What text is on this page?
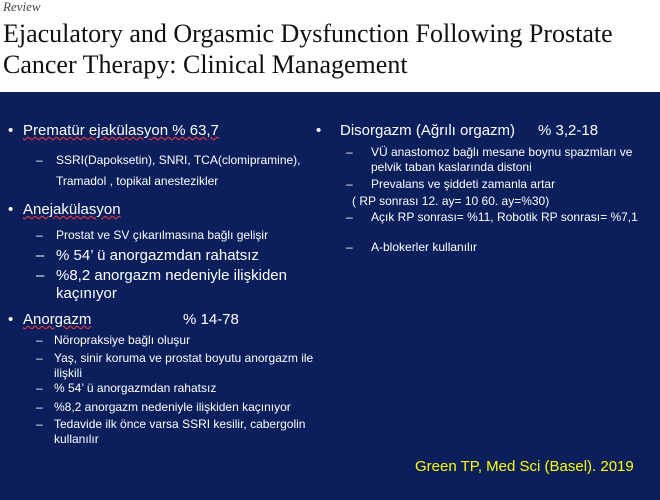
Review
Ejaculatory and Orgasmic Dysfunction Following Prostate Cancer Therapy: Clinical Management
• Prematür ejakülasyon % 63,7
– SSRI(Dapoksetin), SNRI, TCA(clomipramine),
Tramadol , topikal anestezikler
• Anejakülasyon
– Prostat ve SV çıkarılmasına bağlı gelişir
– % 54’ ü anorgazmdan rahatsız
– %8,2 anorgazm nedeniyle ilişkiden kaçınıyor
• Anorgazm	% 14-78
– Nöropraksiye bağlı oluşur
– Yaş, sinir koruma ve prostat boyutu anorgazm ile ilişkili
– % 54’ ü anorgazmdan rahatsız
– %8,2 anorgazm nedeniyle ilişkiden kaçınıyor
– Tedavide ilk önce varsa SSRI kesilir, cabergolin kullanılır
• Disorgazm (Ağrılı orgazm) % 3,2-18
– VÜ anastomoz bağlı mesane boynu spazmları ve pelvik taban kaslarında distoni
– Prevalans ve şiddeti zamanla artar
( RP sonrası 12. ay= 10 60. ay=%30)
– Açık RP sonrası= %11, Robotik RP sonrası= %7,1
– A-blokerler kullanılır
Green TP, Med Sci (Basel). 2019
